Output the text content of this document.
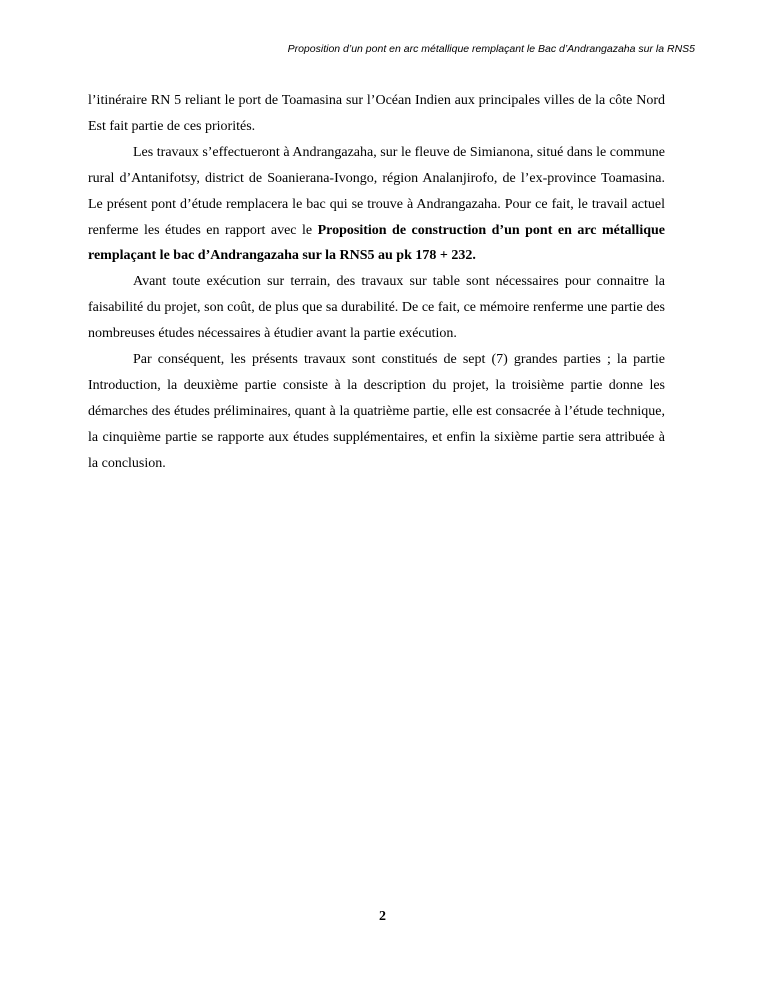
Proposition d’un pont en arc métallique remplaçant le Bac d’Andrangazaha sur la RNS5

l’itinéraire RN 5 reliant le port de Toamasina sur l’Océan Indien aux principales villes de la côte Nord Est fait partie de ces priorités.

Les travaux s’effectueront à Andrangazaha, sur le fleuve de Simianona, situé dans le commune rural d’Antanifotsy, district de Soanierana-Ivongo, région Analanjirofo, de l’ex-province Toamasina. Le présent pont d’étude remplacera le bac qui se trouve à Andrangazaha. Pour ce fait, le travail actuel renferme les études en rapport avec le Proposition de construction d’un pont en arc métallique remplaçant le bac d’Andrangazaha sur la RNS5 au pk 178 + 232.

Avant toute exécution sur terrain, des travaux sur table sont nécessaires pour connaitre la faisabilité du projet, son coût, de plus que sa durabilité. De ce fait, ce mémoire renferme une partie des nombreuses études nécessaires à étudier avant la partie exécution.

Par conséquent, les présents travaux sont constitués de sept (7) grandes parties ; la partie Introduction, la deuxième partie consiste à la description du projet, la troisième partie donne les démarches des études préliminaires, quant à la quatrième partie, elle est consacrée à l’étude technique, la cinquième partie se rapporte aux études supplémentaires, et enfin la sixième partie sera attribuée à la conclusion.

2
